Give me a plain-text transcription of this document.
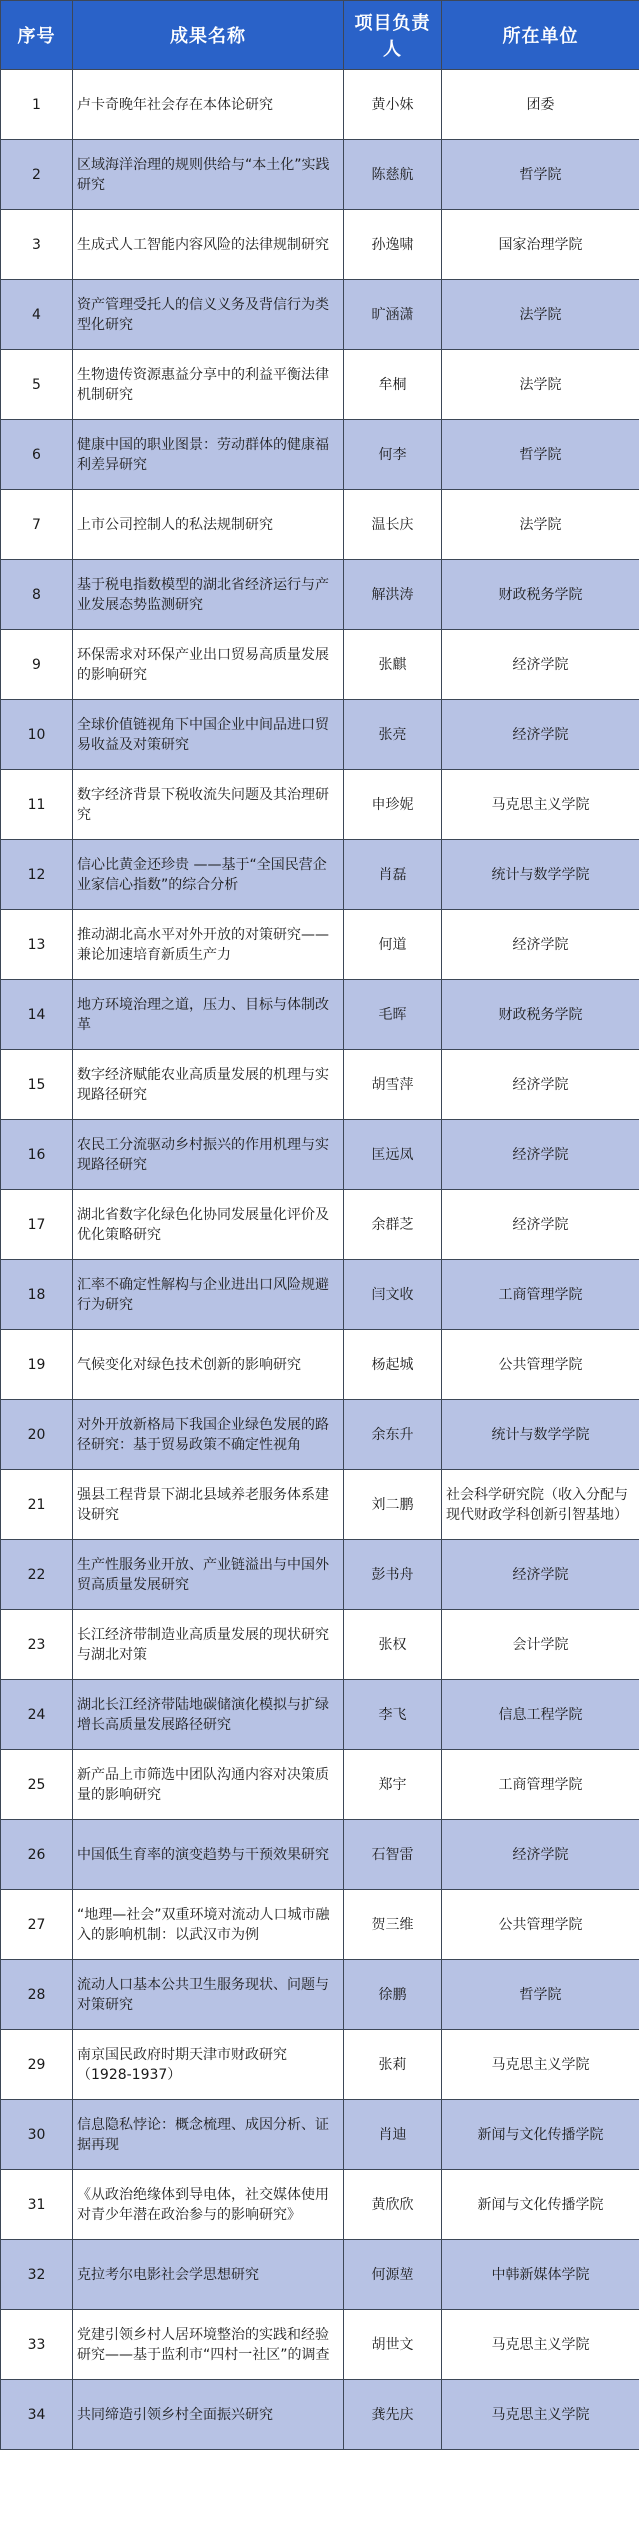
序号	成果名称	项目负责人	所在单位
1	卢卡奇晚年社会存在本体论研究	黄小妹	团委
2	区域海洋治理的规则供给与“本土化”实践研究	陈慈航	哲学院
3	生成式人工智能内容风险的法律规制研究	孙逸啸	国家治理学院
4	资产管理受托人的信义义务及背信行为类型化研究	旷涵潇	法学院
5	生物遗传资源惠益分享中的利益平衡法律机制研究	牟桐	法学院
6	健康中国的职业图景：劳动群体的健康福利差异研究	何李	哲学院
7	上市公司控制人的私法规制研究	温长庆	法学院
8	基于税电指数模型的湖北省经济运行与产业发展态势监测研究	解洪涛	财政税务学院
9	环保需求对环保产业出口贸易高质量发展的影响研究	张麒	经济学院
10	全球价值链视角下中国企业中间品进口贸易收益及对策研究	张亮	经济学院
11	数字经济背景下税收流失问题及其治理研究	申珍妮	马克思主义学院
12	信心比黄金还珍贵 ——基于“全国民营企业家信心指数”的综合分析	肖磊	统计与数学学院
13	推动湖北高水平对外开放的对策研究——兼论加速培育新质生产力	何道	经济学院
14	地方环境治理之道，压力、目标与体制改革	毛晖	财政税务学院
15	数字经济赋能农业高质量发展的机理与实现路径研究	胡雪萍	经济学院
16	农民工分流驱动乡村振兴的作用机理与实现路径研究	匡远凤	经济学院
17	湖北省数字化绿色化协同发展量化评价及优化策略研究	余群芝	经济学院
18	汇率不确定性解构与企业进出口风险规避行为研究	闫文收	工商管理学院
19	气候变化对绿色技术创新的影响研究	杨起城	公共管理学院
20	对外开放新格局下我国企业绿色发展的路径研究：基于贸易政策不确定性视角	余东升	统计与数学学院
21	强县工程背景下湖北县域养老服务体系建设研究	刘二鹏	社会科学研究院（收入分配与现代财政学科创新引智基地）
22	生产性服务业开放、产业链溢出与中国外贸高质量发展研究	彭书舟	经济学院
23	长江经济带制造业高质量发展的现状研究与湖北对策	张权	会计学院
24	湖北长江经济带陆地碳储演化模拟与扩绿增长高质量发展路径研究	李飞	信息工程学院
25	新产品上市筛选中团队沟通内容对决策质量的影响研究	郑宇	工商管理学院
26	中国低生育率的演变趋势与干预效果研究	石智雷	经济学院
27	“地理—社会”双重环境对流动人口城市融入的影响机制：以武汉市为例	贺三维	公共管理学院
28	流动人口基本公共卫生服务现状、问题与对策研究	徐鹏	哲学院
29	南京国民政府时期天津市财政研究（1928-1937）	张莉	马克思主义学院
30	信息隐私悖论：概念梳理、成因分析、证据再现	肖迪	新闻与文化传播学院
31	《从政治绝缘体到导电体，社交媒体使用对青少年潜在政治参与的影响研究》	黄欣欣	新闻与文化传播学院
32	克拉考尔电影社会学思想研究	何源堃	中韩新媒体学院
33	党建引领乡村人居环境整治的实践和经验研究——基于监利市“四村一社区”的调查	胡世文	马克思主义学院
34	共同缔造引领乡村全面振兴研究	龚先庆	马克思主义学院
